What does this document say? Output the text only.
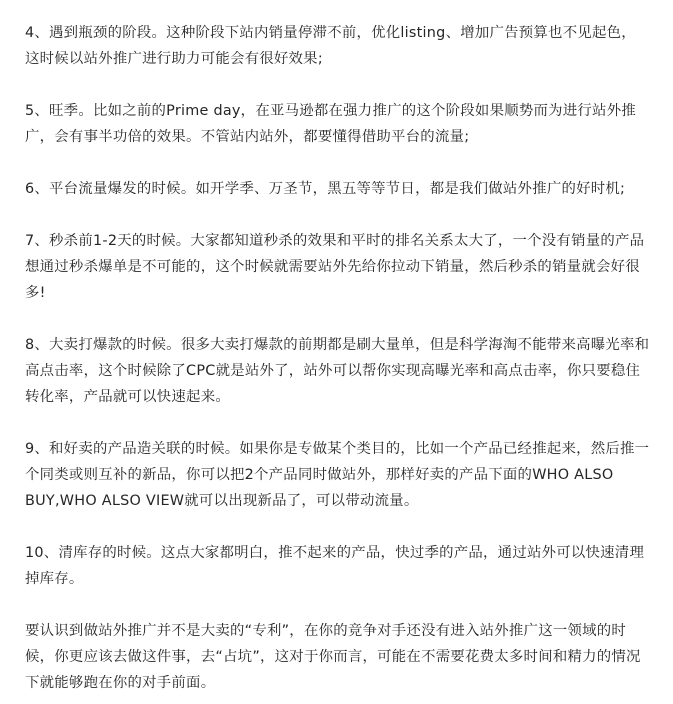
4、遇到瓶颈的阶段。这种阶段下站内销量停滞不前，优化listing、增加广告预算也不见起色，这时候以站外推广进行助力可能会有很好效果;

5、旺季。比如之前的Prime day，在亚马逊都在强力推广的这个阶段如果顺势而为进行站外推广，会有事半功倍的效果。不管站内站外，都要懂得借助平台的流量;

6、平台流量爆发的时候。如开学季、万圣节，黑五等等节日，都是我们做站外推广的好时机;

7、秒杀前1-2天的时候。大家都知道秒杀的效果和平时的排名关系太大了，一个没有销量的产品想通过秒杀爆单是不可能的，这个时候就需要站外先给你拉动下销量，然后秒杀的销量就会好很多!

8、大卖打爆款的时候。很多大卖打爆款的前期都是刷大量单，但是科学海淘不能带来高曝光率和高点击率，这个时候除了CPC就是站外了，站外可以帮你实现高曝光率和高点击率，你只要稳住转化率，产品就可以快速起来。

9、和好卖的产品造关联的时候。如果你是专做某个类目的，比如一个产品已经推起来，然后推一个同类或则互补的新品，你可以把2个产品同时做站外，那样好卖的产品下面的WHO ALSO BUY,WHO ALSO VIEW就可以出现新品了，可以带动流量。

10、清库存的时候。这点大家都明白，推不起来的产品，快过季的产品，通过站外可以快速清理掉库存。

要认识到做站外推广并不是大卖的“专利”，在你的竞争对手还没有进入站外推广这一领域的时候，你更应该去做这件事，去“占坑”，这对于你而言，可能在不需要花费太多时间和精力的情况下就能够跑在你的对手前面。
